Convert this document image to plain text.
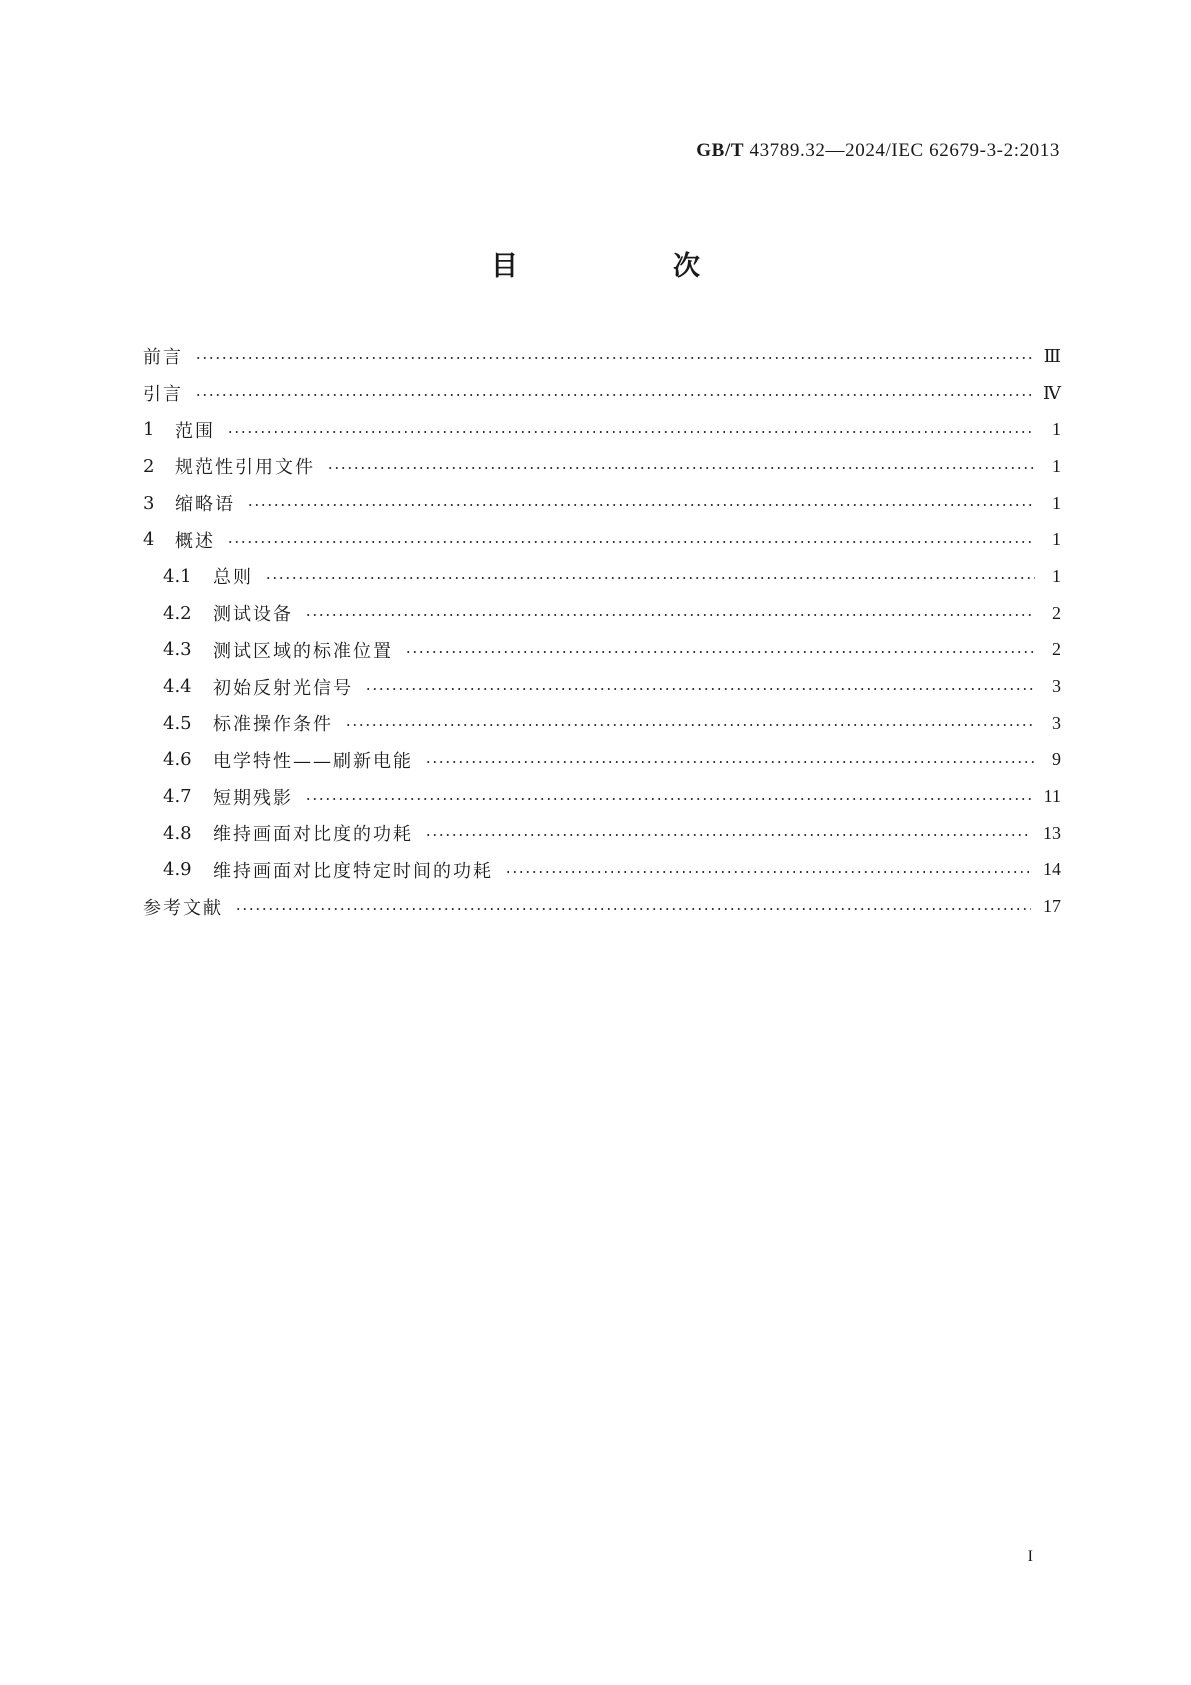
GB/T 43789.32—2024/IEC 62679-3-2:2013
目　次
前言	Ⅲ
引言	Ⅳ
1	范围	1
2	规范性引用文件	1
3	缩略语	1
4	概述	1
4.1	总则	1
4.2	测试设备	2
4.3	测试区域的标准位置	2
4.4	初始反射光信号	3
4.5	标准操作条件	3
4.6	电学特性——刷新电能	9
4.7	短期残影	11
4.8	维持画面对比度的功耗	13
4.9	维持画面对比度特定时间的功耗	14
参考文献	17
I
